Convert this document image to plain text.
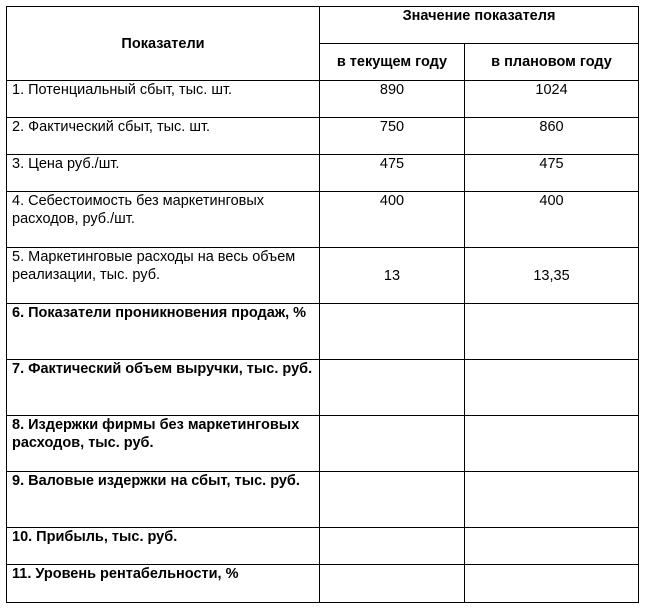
Показатели	Значение показателя	
	в текущем году	в плановом году
1. Потенциальный сбыт, тыс. шт.	890	1024
2. Фактический сбыт, тыс. шт.	750	860
3. Цена руб./шт.	475	475
4. Себестоимость без маркетинговых расходов, руб./шт.	400	400
5. Маркетинговые расходы на весь объем реализации, тыс. руб.	13	13,35
6. Показатели проникновения продаж, %		
7. Фактический объем выручки, тыс. руб.		
8. Издержки фирмы без маркетинговых расходов, тыс. руб.		
9. Валовые издержки на сбыт, тыс. руб.		
10. Прибыль, тыс. руб.		
11. Уровень рентабельности, %		
